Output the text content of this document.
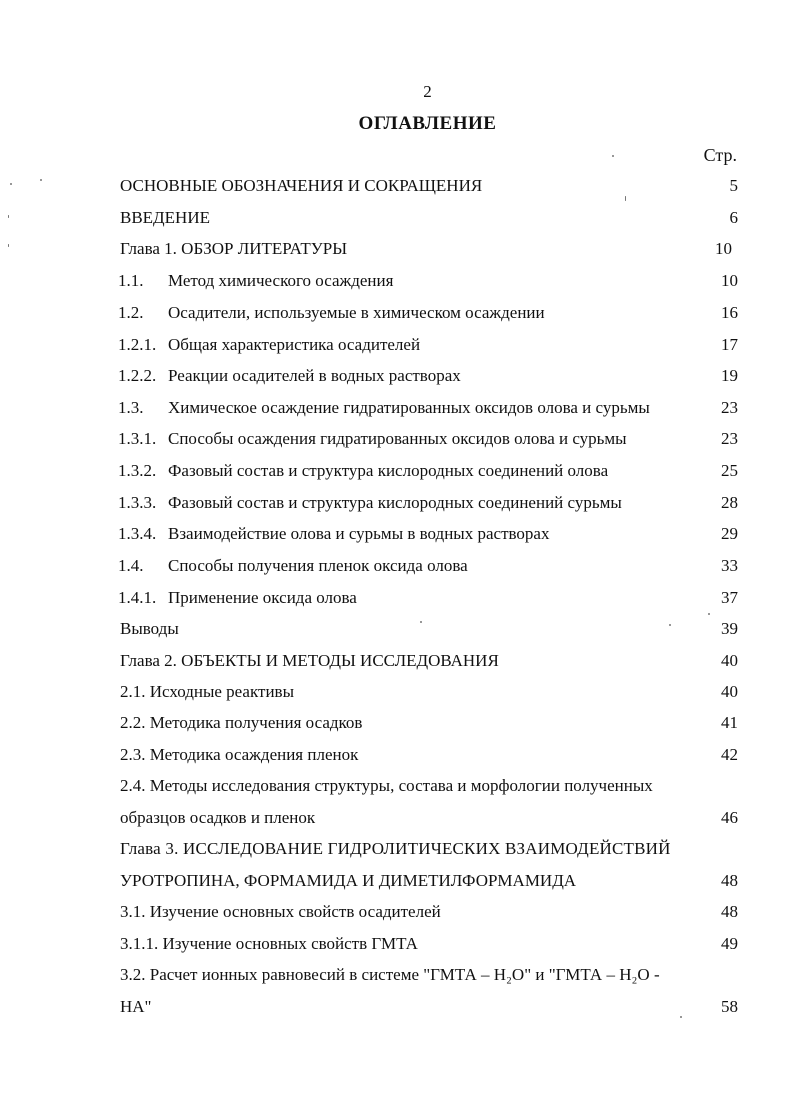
2
ОГЛАВЛЕНИЕ
Стр.
ОСНОВНЫЕ ОБОЗНАЧЕНИЯ И СОКРАЩЕНИЯ	5
ВВЕДЕНИЕ	6
Глава 1. ОБЗОР ЛИТЕРАТУРЫ	10
1.1. Метод химического осаждения	10
1.2. Осадители, используемые в химическом осаждении	16
1.2.1. Общая характеристика осадителей	17
1.2.2. Реакции осадителей в водных растворах	19
1.3. Химическое осаждение гидратированных оксидов олова и сурьмы	23
1.3.1. Способы осаждения гидратированных оксидов олова и сурьмы	23
1.3.2. Фазовый состав и структура кислородных соединений олова	25
1.3.3. Фазовый состав и структура кислородных соединений сурьмы	28
1.3.4. Взаимодействие олова и сурьмы в водных растворах	29
1.4. Способы получения пленок оксида олова	33
1.4.1. Применение оксида олова	37
Выводы	39
Глава 2. ОБЪЕКТЫ И МЕТОДЫ ИССЛЕДОВАНИЯ	40
2.1. Исходные реактивы	40
2.2. Методика получения осадков	41
2.3. Методика осаждения пленок	42
2.4. Методы исследования структуры, состава и морфологии полученных
образцов осадков и пленок	46
Глава 3. ИССЛЕДОВАНИЕ ГИДРОЛИТИЧЕСКИХ ВЗАИМОДЕЙСТВИЙ
УРОТРОПИНА, ФОРМАМИДА И ДИМЕТИЛФОРМАМИДА	48
3.1. Изучение основных свойств осадителей	48
3.1.1. Изучение основных свойств ГМТА	49
3.2. Расчет ионных равновесий в системе "ГМТА – H₂O" и "ГМТА – H₂O -
HA"	58
